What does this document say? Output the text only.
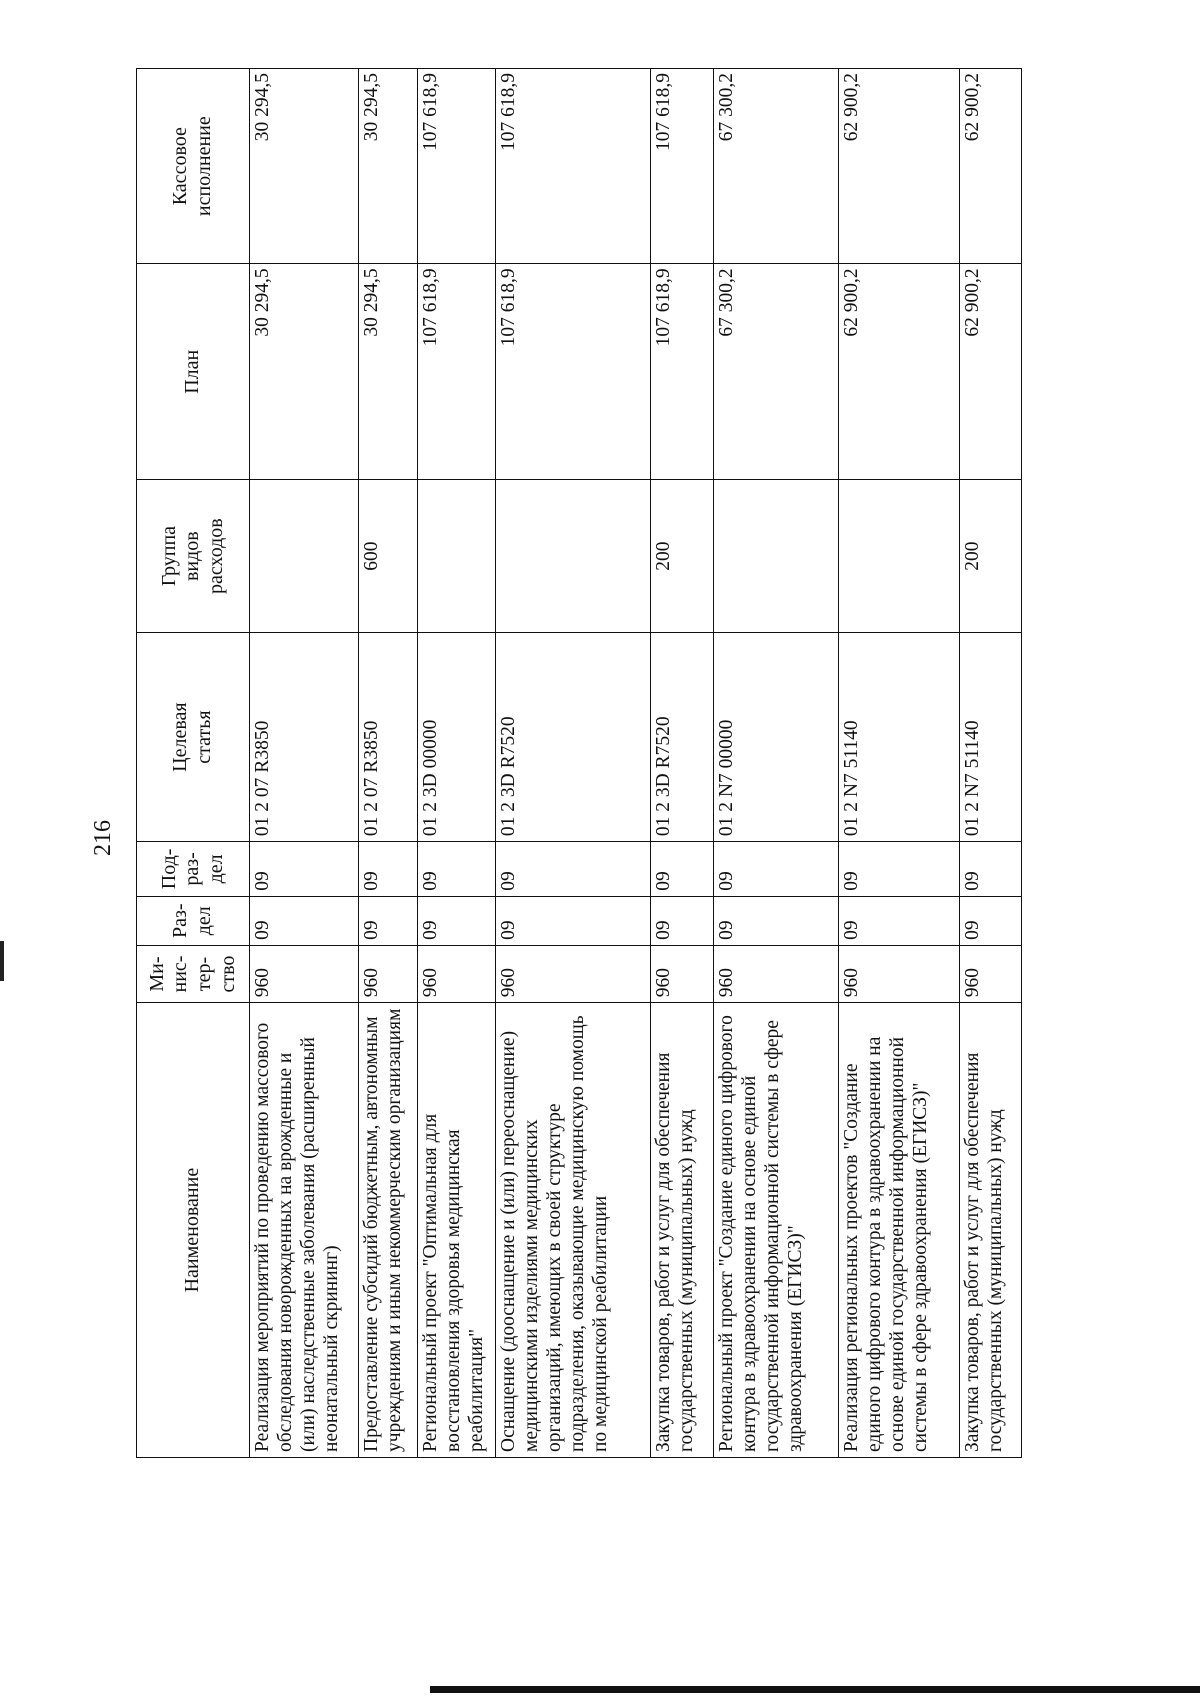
216
Наименование	Ми-
нис-
тер-
ство	Раз-
дел	Под-
раз-
дел	Целевая
статья	Группа
видов
расходов	План	Кассовое
исполнение
Реализация мероприятий по проведению массового обследования новорожденных на врожденные и (или) наследственные заболевания (расширенный неонатальный скрининг)	960	09	09	01 2 07 R3850		30 294,5	30 294,5
Предоставление субсидий бюджетным, автономным учреждениям и иным некоммерческим организациям	960	09	09	01 2 07 R3850	600	30 294,5	30 294,5
Региональный проект "Оптимальная для восстановления здоровья медицинская реабилитация"	960	09	09	01 2 3D 00000		107 618,9	107 618,9
Оснащение (дооснащение и (или) переоснащение) медицинскими изделиями медицинских организаций, имеющих в своей структуре подразделения, оказывающие медицинскую помощь по медицинской реабилитации	960	09	09	01 2 3D R7520		107 618,9	107 618,9
Закупка товаров, работ и услуг для обеспечения государственных (муниципальных) нужд	960	09	09	01 2 3D R7520	200	107 618,9	107 618,9
Региональный проект "Создание единого цифрового контура в здравоохранении на основе единой государственной информационной системы в сфере здравоохранения (ЕГИСЗ)"	960	09	09	01 2 N7 00000		67 300,2	67 300,2
Реализация региональных проектов "Создание единого цифрового контура в здравоохранении на основе единой государственной информационной системы в сфере здравоохранения (ЕГИСЗ)"	960	09	09	01 2 N7 51140		62 900,2	62 900,2
Закупка товаров, работ и услуг для обеспечения государственных (муниципальных) нужд	960	09	09	01 2 N7 51140	200	62 900,2	62 900,2
